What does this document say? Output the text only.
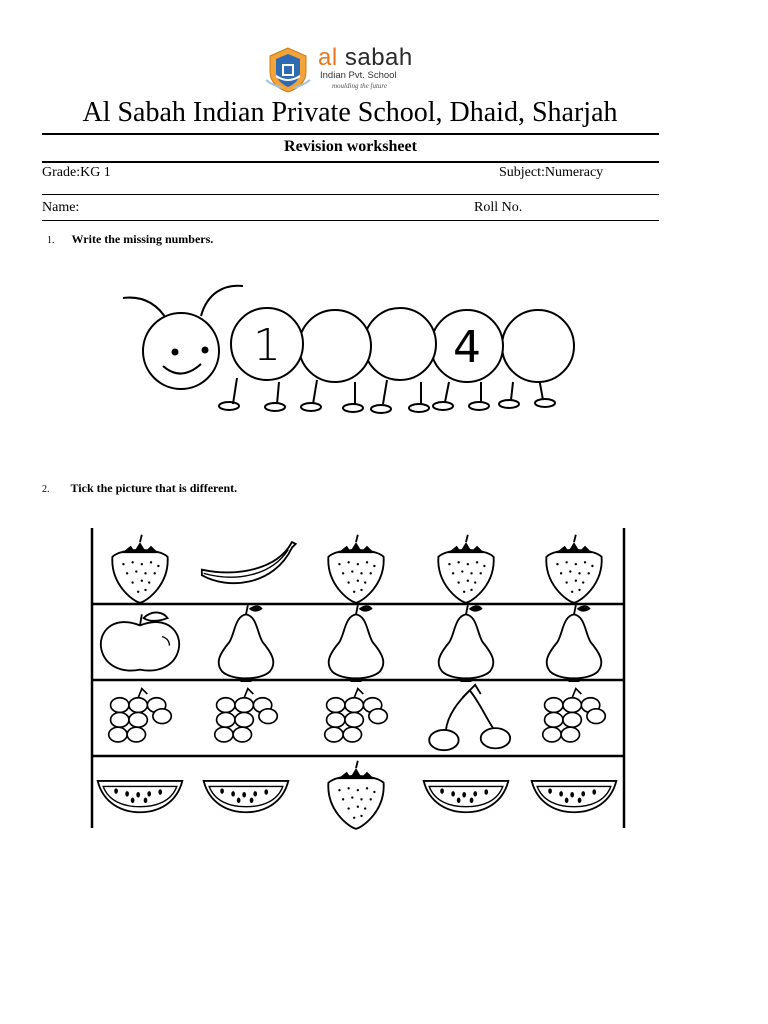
al sabah
Indian Pvt. School
moulding the future
Al Sabah Indian Private School, Dhaid, Sharjah
Revision worksheet
Grade:KG 1	Subject:Numeracy
Name:	Roll No.
1. Write the missing numbers.
1	4
2. Tick the picture that is different.
